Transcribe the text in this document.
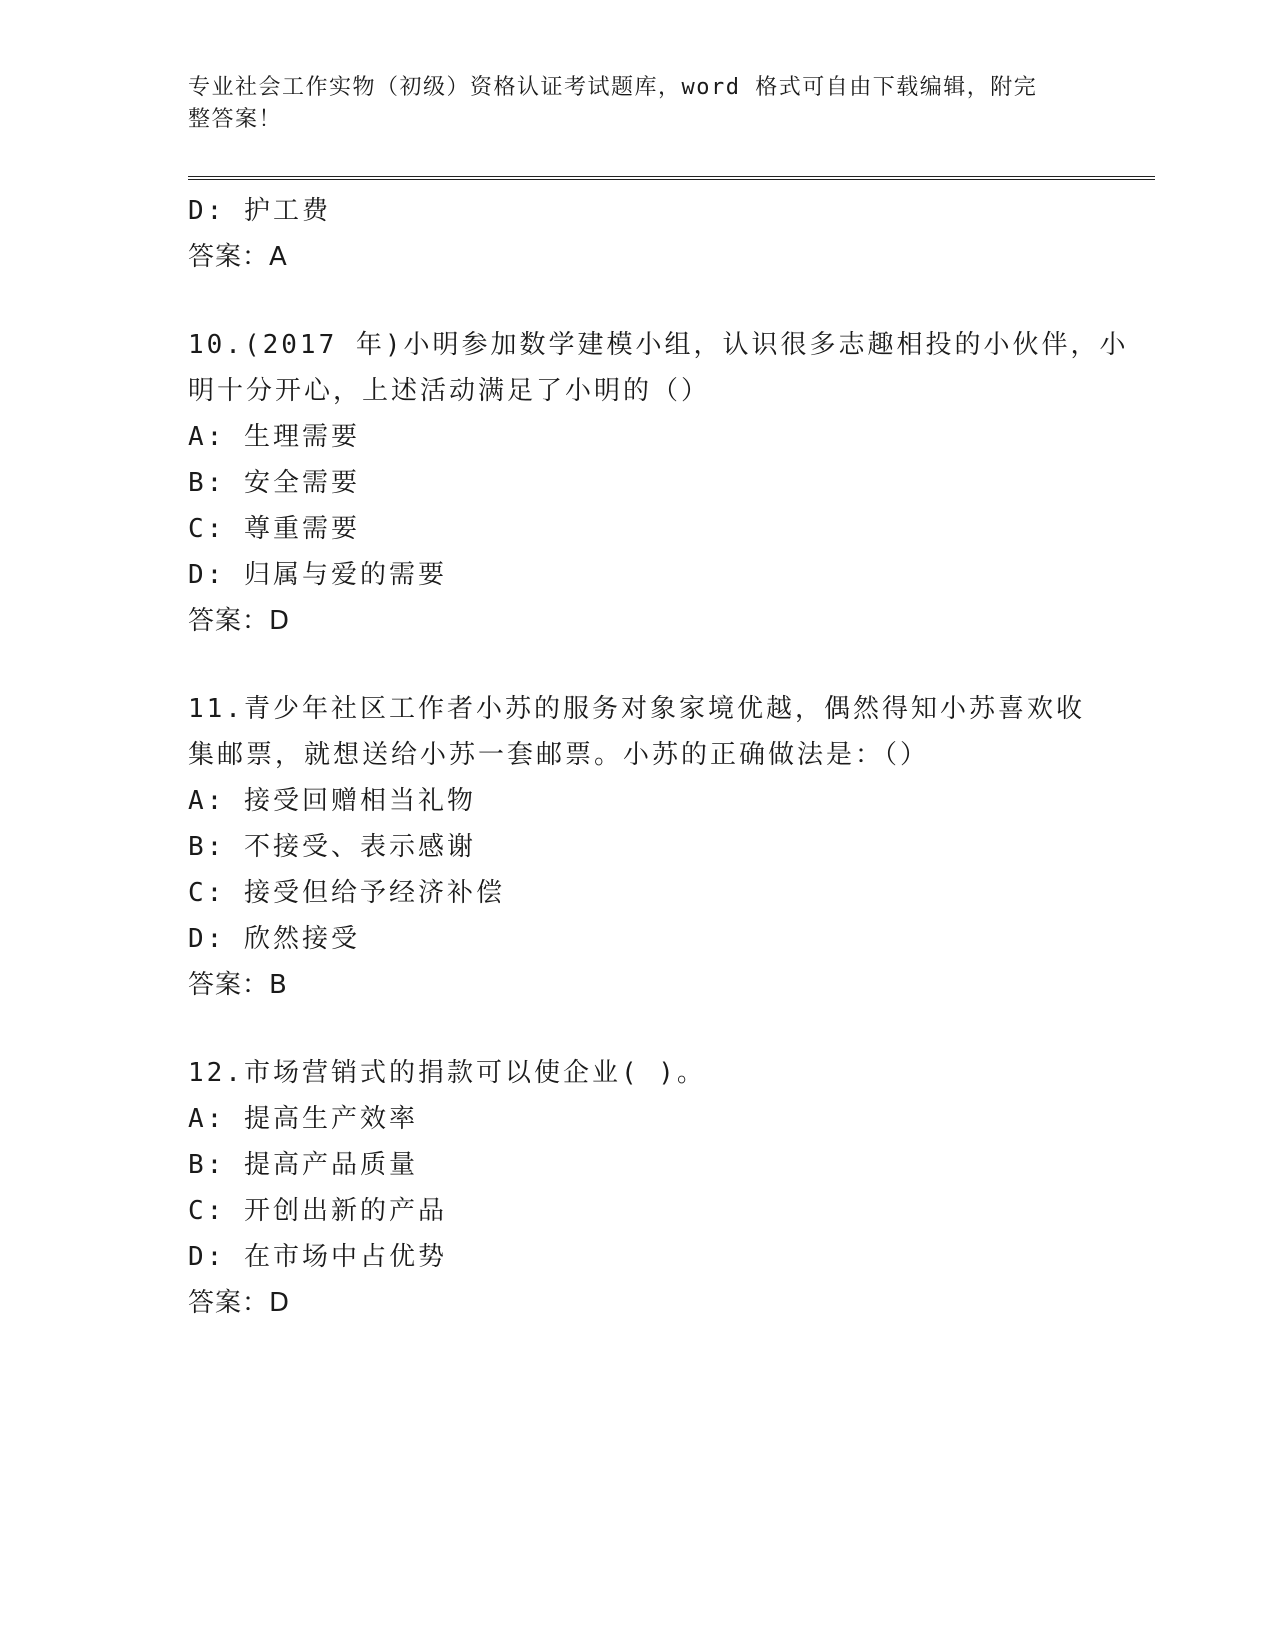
专业社会工作实物（初级）资格认证考试题库，word 格式可自由下载编辑，附完
整答案！
D: 护工费
答案：A
10.(2017 年)小明参加数学建模小组，认识很多志趣相投的小伙伴，小
明十分开心，上述活动满足了小明的（）
A: 生理需要
B: 安全需要
C: 尊重需要
D: 归属与爱的需要
答案：D
11.青少年社区工作者小苏的服务对象家境优越，偶然得知小苏喜欢收
集邮票，就想送给小苏一套邮票。小苏的正确做法是：（）
A: 接受回赠相当礼物
B: 不接受、表示感谢
C: 接受但给予经济补偿
D: 欣然接受
答案：B
12.市场营销式的捐款可以使企业( )。
A: 提高生产效率
B: 提高产品质量
C: 开创出新的产品
D: 在市场中占优势
答案：D
